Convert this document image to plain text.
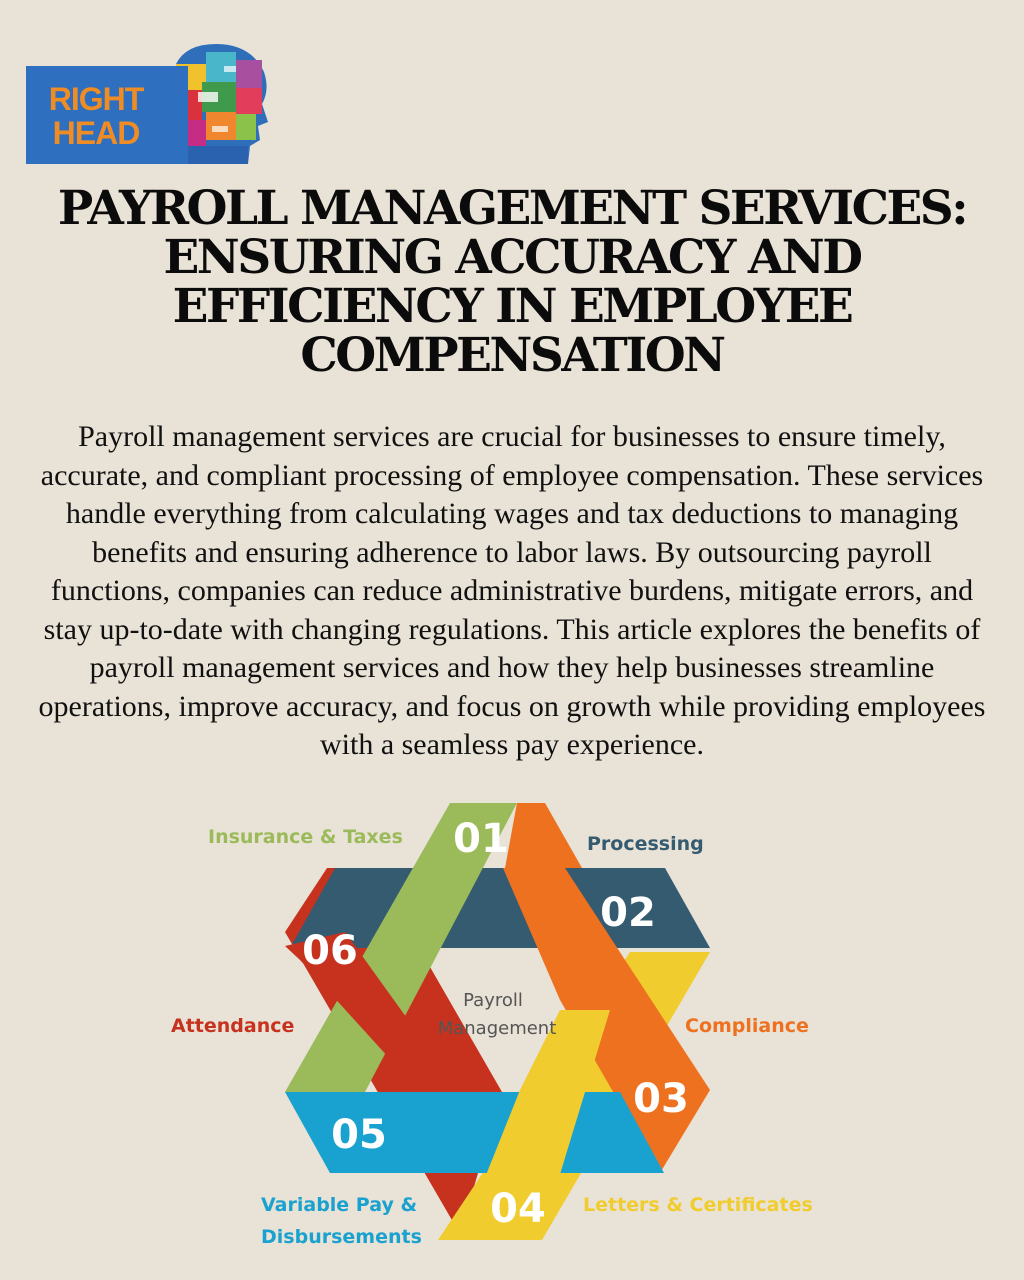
RIGHT
HEAD
PAYROLL MANAGEMENT SERVICES: ENSURING ACCURACY AND EFFICIENCY IN EMPLOYEE COMPENSATION

Payroll management services are crucial for businesses to ensure timely, accurate, and compliant processing of employee compensation. These services handle everything from calculating wages and tax deductions to managing benefits and ensuring adherence to labor laws. By outsourcing payroll functions, companies can reduce administrative burdens, mitigate errors, and stay up-to-date with changing regulations. This article explores the benefits of payroll management services and how they help businesses streamline operations, improve accuracy, and focus on growth while providing employees with a seamless pay experience.

01
02
03
04
05
06
Payroll
Management
Insurance & Taxes	Processing
Compliance
Letters & Certificates
Variable Pay &
Disbursements
Attendance
